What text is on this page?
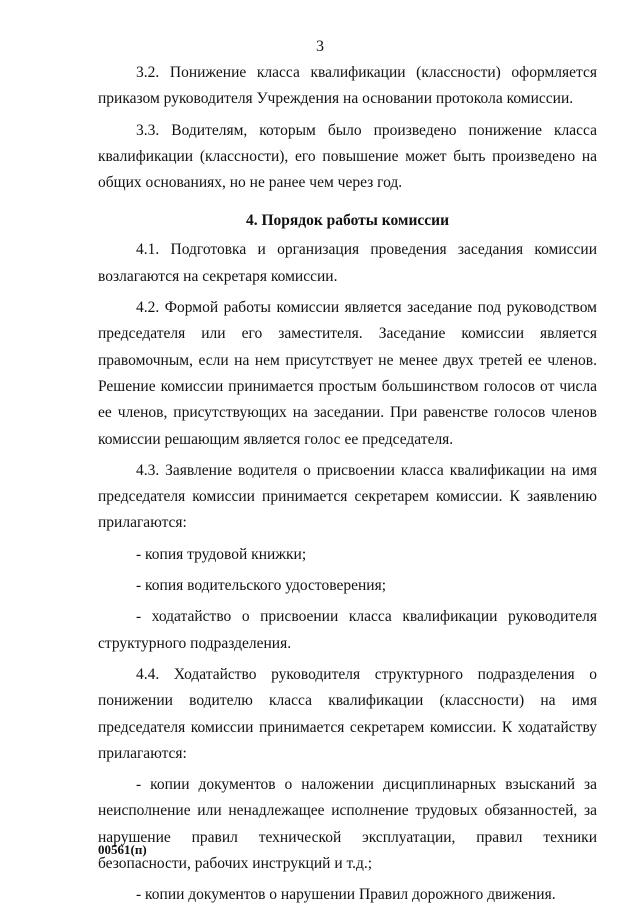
3

3.2. Понижение класса квалификации (классности) оформляется приказом руководителя Учреждения на основании протокола комиссии.

3.3. Водителям, которым было произведено понижение класса квалификации (классности), его повышение может быть произведено на общих основаниях, но не ранее чем через год.

4. Порядок работы комиссии

4.1. Подготовка и организация проведения заседания комиссии возлагаются на секретаря комиссии.

4.2. Формой работы комиссии является заседание под руководством председателя или его заместителя. Заседание комиссии является правомочным, если на нем присутствует не менее двух третей ее членов. Решение комиссии принимается простым большинством голосов от числа ее членов, присутствующих на заседании. При равенстве голосов членов комиссии решающим является голос ее председателя.

4.3. Заявление водителя о присвоении класса квалификации на имя председателя комиссии принимается секретарем комиссии. К заявлению прилагаются:

- копия трудовой книжки;

- копия водительского удостоверения;

- ходатайство о присвоении класса квалификации руководителя структурного подразделения.

4.4. Ходатайство руководителя структурного подразделения о понижении водителю класса квалификации (классности) на имя председателя комиссии принимается секретарем комиссии. К ходатайству прилагаются:

- копии документов о наложении дисциплинарных взысканий за неисполнение или ненадлежащее исполнение трудовых обязанностей, за нарушение правил технической эксплуатации, правил техники безопасности, рабочих инструкций и т.д.;

- копии документов о нарушении Правил дорожного движения.

00561(п)
